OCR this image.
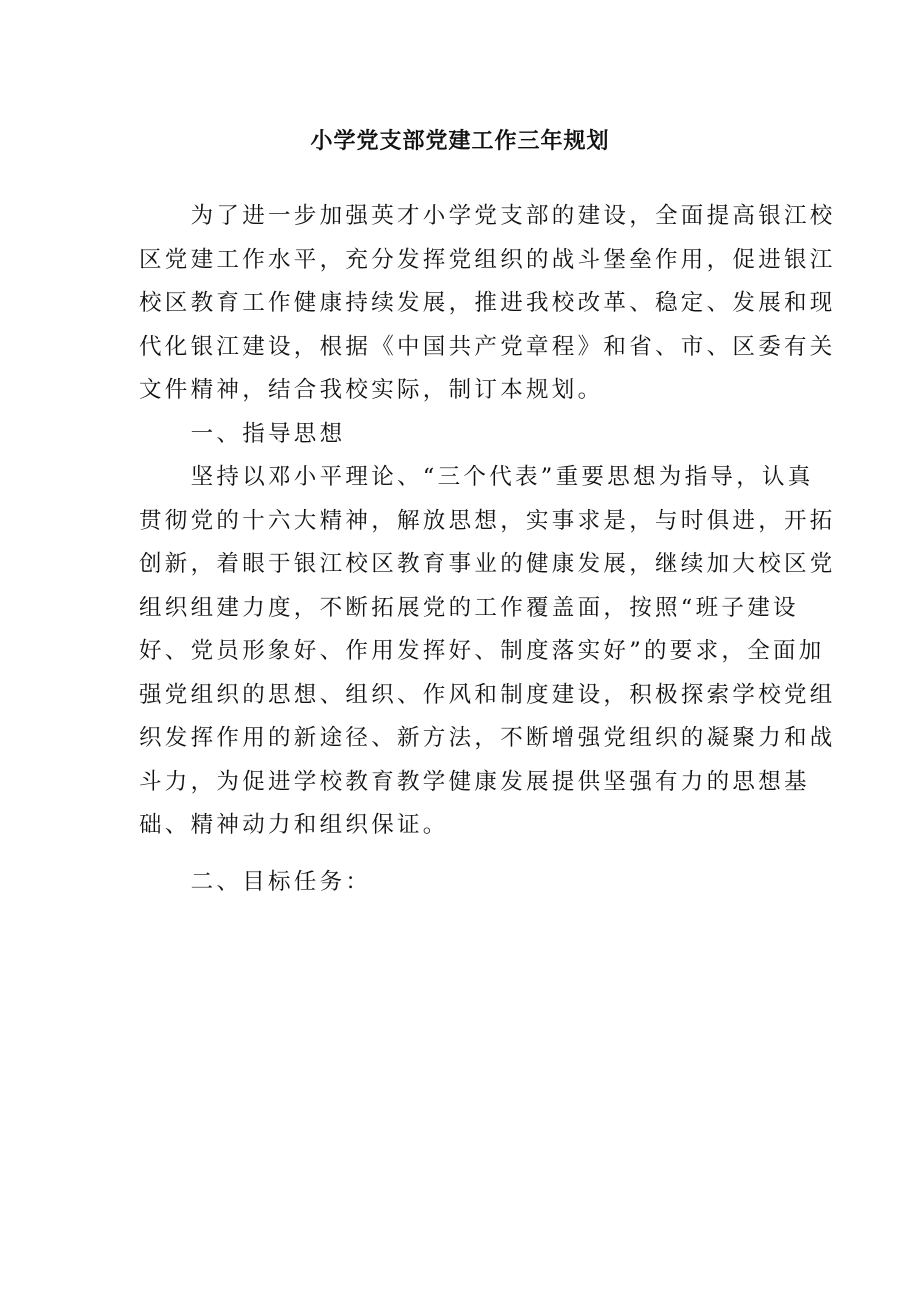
小学党支部党建工作三年规划
　　为了进一步加强英才小学党支部的建设，全面提高银江校
区党建工作水平，充分发挥党组织的战斗堡垒作用，促进银江
校区教育工作健康持续发展，推进我校改革、稳定、发展和现
代化银江建设，根据《中国共产党章程》和省、市、区委有关
文件精神，结合我校实际，制订本规划。
　　一、指导思想
　　坚持以邓小平理论、“三个代表”重要思想为指导，认真
贯彻党的十六大精神，解放思想，实事求是，与时俱进，开拓
创新，着眼于银江校区教育事业的健康发展，继续加大校区党
组织组建力度，不断拓展党的工作覆盖面，按照“班子建设
好、党员形象好、作用发挥好、制度落实好”的要求，全面加
强党组织的思想、组织、作风和制度建设，积极探索学校党组
织发挥作用的新途径、新方法，不断增强党组织的凝聚力和战
斗力，为促进学校教育教学健康发展提供坚强有力的思想基
础、精神动力和组织保证。
　　二、目标任务：
